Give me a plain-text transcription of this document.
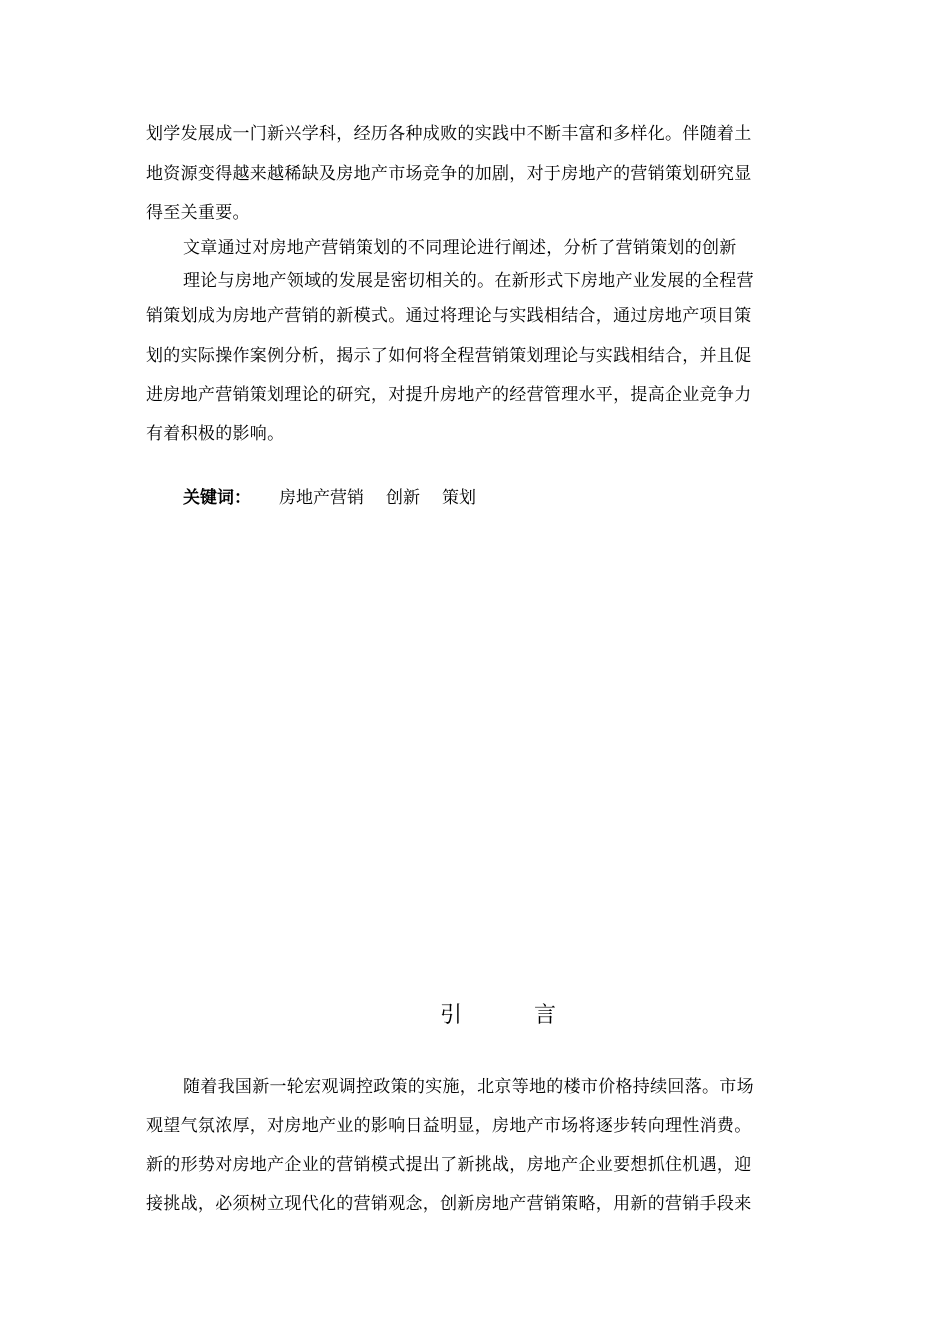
划学发展成一门新兴学科，经历各种成败的实践中不断丰富和多样化。伴随着土
地资源变得越来越稀缺及房地产市场竞争的加剧，对于房地产的营销策划研究显
得至关重要。
文章通过对房地产营销策划的不同理论进行阐述，分析了营销策划的创新
理论与房地产领域的发展是密切相关的。在新形式下房地产业发展的全程营
销策划成为房地产营销的新模式。通过将理论与实践相结合，通过房地产项目策
划的实际操作案例分析，揭示了如何将全程营销策划理论与实践相结合，并且促
进房地产营销策划理论的研究，对提升房地产的经营管理水平，提高企业竞争力
有着积极的影响。
关键词： 房地产营销 创新 策划
引	言
随着我国新一轮宏观调控政策的实施，北京等地的楼市价格持续回落。市场
观望气氛浓厚，对房地产业的影响日益明显，房地产市场将逐步转向理性消费。
新的形势对房地产企业的营销模式提出了新挑战，房地产企业要想抓住机遇，迎
接挑战，必须树立现代化的营销观念，创新房地产营销策略，用新的营销手段来
